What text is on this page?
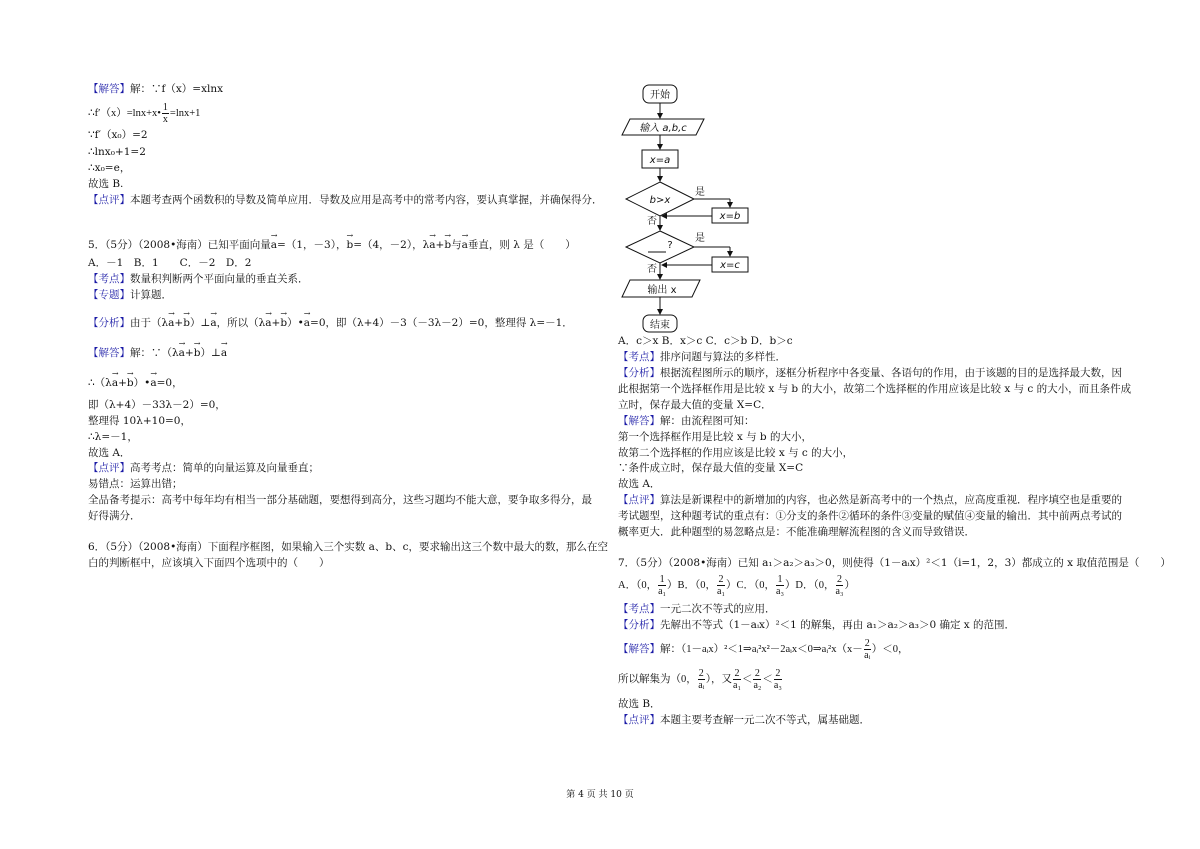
【解答】解：∵f（x）=xlnx
∴f′（x）=lnx+x• $\frac{1}{x} =\ln x+1$
∵f′（x₀）=2
∴lnx₀+1=2
∴x₀=e，
故选 B.
【点评】本题考查两个函数积的导数及简单应用．导数及应用是高考中的常考内容，要认真掌握，并确保得分．
5．（5分）（2008•海南）已知平面向量→ a=（1，－3），→ b=（4，－2），λ→ a+→ b与→ a垂直，则 λ 是（　　）
A．－1　B．1　　C．－2　D．2
【考点】数量积判断两个平面向量的垂直关系．
【专题】计算题．
【分析】由于（λ→ a+→ b）⊥→ a，所以（λ→ a+→ b）•→ a=0，即（λ+4）－3（－3λ－2）=0，整理得 λ=－1．
【解答】解：∵（λ→ a+→ b）⊥→ a
∴（λ→ a+→ b）•→ a=0，
即（λ+4）－33λ－2）=0，
整理得 10λ+10=0，
∴λ=－1，
故选 A．
【点评】高考考点：简单的向量运算及向量垂直；
易错点：运算出错；
全品备考提示：高考中每年均有相当一部分基础题，要想得到高分，这些习题均不能大意，要争取多得分，最
好得满分．
6．（5分）（2008•海南）下面程序框图，如果输入三个实数 a、b、c，要求输出这三个数中最大的数，那么在空
白的判断框中，应该填入下面四个选项中的（　　）
开始
输入 a,b,c
x=a
b>x
是
否	x=b
?
是
否	x=c
输出 x
结束
A．c＞x B．x＞c C．c＞b D．b＞c
【考点】排序问题与算法的多样性．
【分析】根据流程图所示的顺序，逐框分析程序中各变量、各语句的作用，由于该题的目的是选择最大数，因
此根据第一个选择框作用是比较 x 与 b 的大小，故第二个选择框的作用应该是比较 x 与 c 的大小，而且条件成
立时，保存最大值的变量 X=C．
【解答】解：由流程图可知：
第一个选择框作用是比较 x 与 b 的大小，
故第二个选择框的作用应该是比较 x 与 c 的大小，
∵条件成立时，保存最大值的变量 X=C
故选 A．
【点评】算法是新课程中的新增加的内容，也必然是新高考中的一个热点，应高度重视．程序填空也是重要的
考试题型，这种题考试的重点有：①分支的条件②循环的条件③变量的赋值④变量的输出．其中前两点考试的
概率更大．此种题型的易忽略点是：不能准确理解流程图的含义而导致错误．
7．（5分）（2008•海南）已知 a₁＞a₂＞a₃＞0，则使得（1－aᵢx）²＜1（i=1，2，3）都成立的 x 取值范围是（　　）
A．（0， $\frac{1}{\text{a₁}} )B$．（0， $\frac{2}{\text{a₁}} )C$．（0， $\frac{1}{\text{a₃}} )D$．（0， $\frac{2}{\text{a₃}}$ ）
【考点】一元二次不等式的应用．
【分析】先解出不等式（1－aᵢx）²＜1 的解集，再由 a₁＞a₂＞a₃＞0 确定 x 的范围．
【解答】解：（1－aᵢx）²＜1⇒aᵢ²x²－2aᵢx＜0⇒aᵢ²x（x－ $\frac{2}{\text{aᵢ}} )<0$，
所以解集为（0， $\frac{2}{\text{aᵢ}}$ ），又 $\frac{2}{\text{a₁}} < \frac{2}{\text{a₂}} < \frac{2}{\text{a₃}}$
故选 B．
【点评】本题主要考查解一元二次不等式，属基础题．
第 4 页 共 10 页
